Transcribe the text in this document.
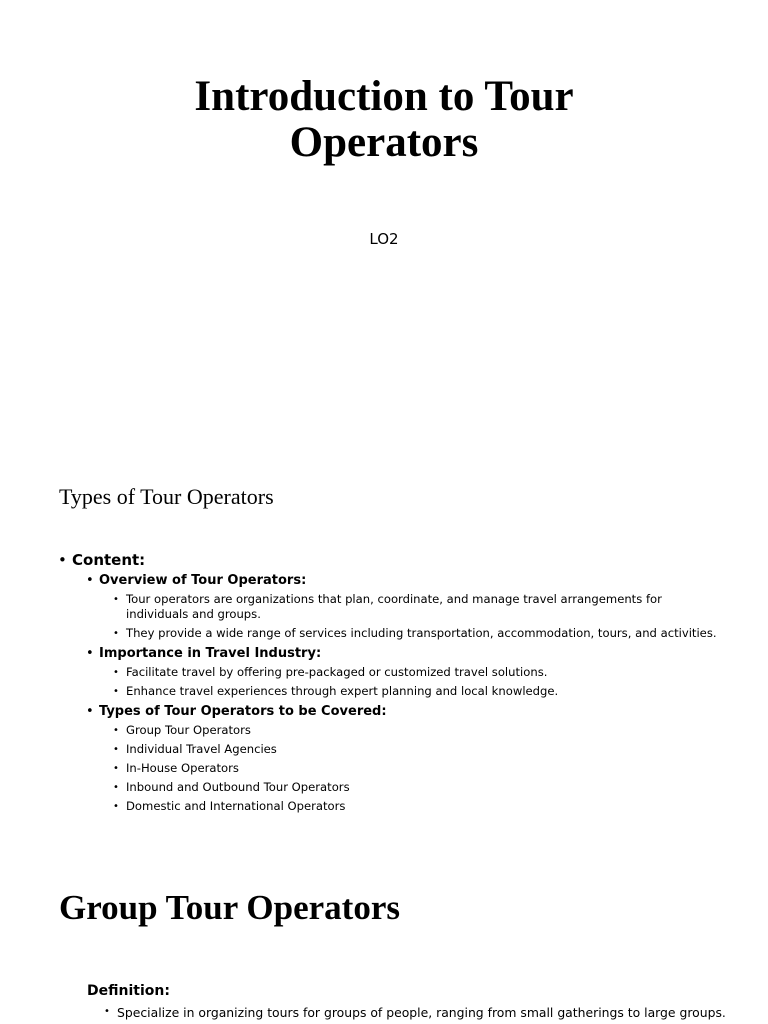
Introduction to Tour
Operators
LO2
Types of Tour Operators
• Content:
• Overview of Tour Operators:
• Tour operators are organizations that plan, coordinate, and manage travel arrangements for individuals and groups.
• They provide a wide range of services including transportation, accommodation, tours, and activities.
• Importance in Travel Industry:
• Facilitate travel by offering pre-packaged or customized travel solutions.
• Enhance travel experiences through expert planning and local knowledge.
• Types of Tour Operators to be Covered:
• Group Tour Operators
• Individual Travel Agencies
• In-House Operators
• Inbound and Outbound Tour Operators
• Domestic and International Operators
Group Tour Operators
Definition:
• Specialize in organizing tours for groups of people, ranging from small gatherings to large groups.
